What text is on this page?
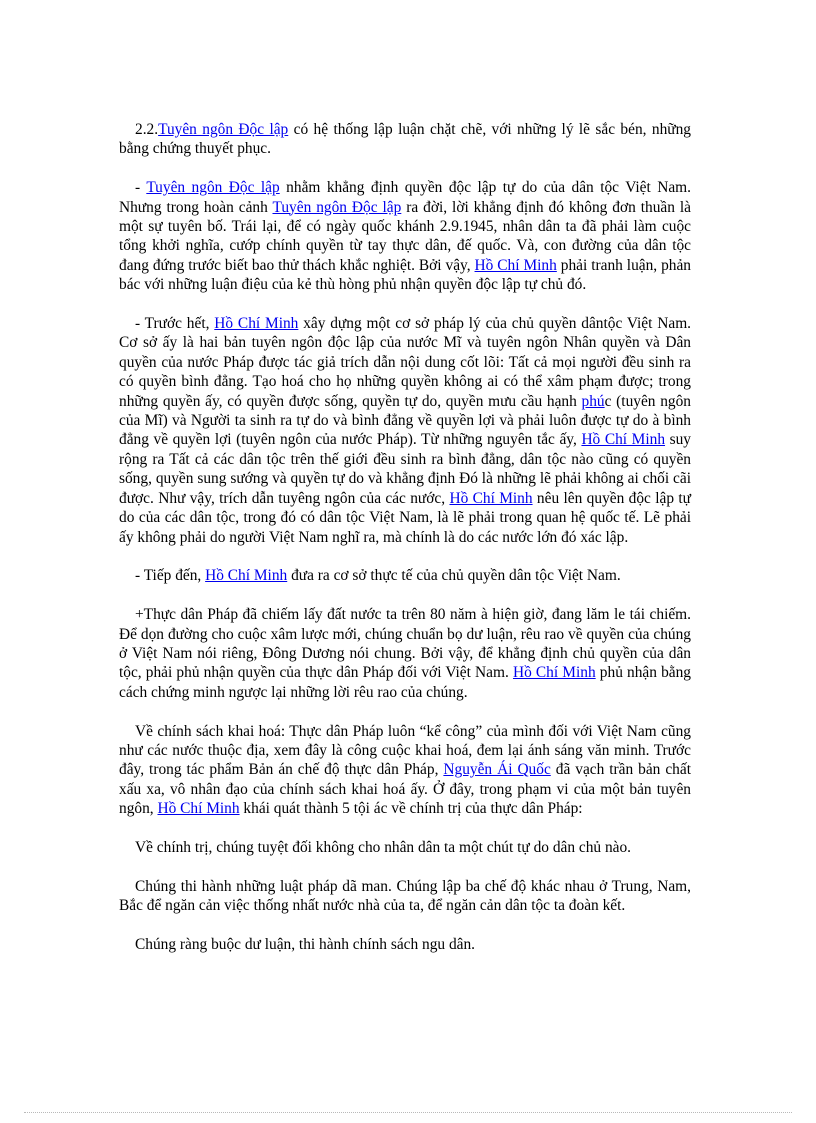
2.2.Tuyên ngôn Độc lập có hệ thống lập luận chặt chẽ, với những lý lẽ sắc bén, những bằng chứng thuyết phục.

- Tuyên ngôn Độc lập nhằm khẳng định quyền độc lập tự do của dân tộc Việt Nam. Nhưng trong hoàn cảnh Tuyên ngôn Độc lập ra đời, lời khẳng định đó không đơn thuần là một sự tuyên bố. Trái lại, để có ngày quốc khánh 2.9.1945, nhân dân ta đã phải làm cuộc tổng khởi nghĩa, cướp chính quyền từ tay thực dân, đế quốc. Và, con đường của dân tộc đang đứng trước biết bao thử thách khắc nghiệt. Bởi vậy, Hồ Chí Minh phải tranh luận, phản bác với những luận điệu của kẻ thù hòng phủ nhận quyền độc lập tự chủ đó.

- Trước hết, Hồ Chí Minh xây dựng một cơ sở pháp lý của chủ quyền dântộc Việt Nam. Cơ sở ấy là hai bản tuyên ngôn độc lập của nước Mĩ và tuyên ngôn Nhân quyền và Dân quyền của nước Pháp được tác giả trích dẫn nội dung cốt lõi: Tất cả mọi người đều sinh ra có quyền bình đẳng. Tạo hoá cho họ những quyền không ai có thể xâm phạm được; trong những quyền ấy, có quyền được sống, quyền tự do, quyền mưu cầu hạnh phúc (tuyên ngôn của Mĩ) và Người ta sinh ra tự do và bình đẳng về quyền lợi và phải luôn được tự do à bình đẳng về quyền lợi (tuyên ngôn của nước Pháp). Từ những nguyên tắc ấy, Hồ Chí Minh suy rộng ra Tất cả các dân tộc trên thế giới đều sinh ra bình đẳng, dân tộc nào cũng có quyền sống, quyền sung sướng và quyền tự do và khẳng định Đó là những lẽ phải không ai chối cãi được. Như vậy, trích dẫn tuyêng ngôn của các nước, Hồ Chí Minh nêu lên quyền độc lập tự do của các dân tộc, trong đó có dân tộc Việt Nam, là lẽ phải trong quan hệ quốc tế. Lẽ phải ấy không phải do người Việt Nam nghĩ ra, mà chính là do các nước lớn đó xác lập.

- Tiếp đến, Hồ Chí Minh đưa ra cơ sở thực tế của chủ quyền dân tộc Việt Nam.

+Thực dân Pháp đã chiếm lấy đất nước ta trên 80 năm à hiện giờ, đang lăm le tái chiếm. Để dọn đường cho cuộc xâm lược mới, chúng chuẩn bọ dư luận, rêu rao về quyền của chúng ở Việt Nam nói riêng, Đông Dương nói chung. Bởi vậy, để khẳng định chủ quyền của dân tộc, phải phủ nhận quyền của thực dân Pháp đối với Việt Nam. Hồ Chí Minh phủ nhận bằng cách chứng minh ngược lại những lời rêu rao của chúng.

Về chính sách khai hoá: Thực dân Pháp luôn “kể công” của mình đối với Việt Nam cũng như các nước thuộc địa, xem đây là công cuộc khai hoá, đem lại ánh sáng văn minh. Trước đây, trong tác phẩm Bản án chế độ thực dân Pháp, Nguyễn Ái Quốc đã vạch trần bản chất xấu xa, vô nhân đạo của chính sách khai hoá ấy. Ở đây, trong phạm vi của một bản tuyên ngôn, Hồ Chí Minh khái quát thành 5 tội ác về chính trị của thực dân Pháp:

Về chính trị, chúng tuyệt đối không cho nhân dân ta một chút tự do dân chủ nào.

Chúng thi hành những luật pháp dã man. Chúng lập ba chế độ khác nhau ở Trung, Nam, Bắc để ngăn cản việc thống nhất nước nhà của ta, để ngăn cản dân tộc ta đoàn kết.

Chúng ràng buộc dư luận, thi hành chính sách ngu dân.
